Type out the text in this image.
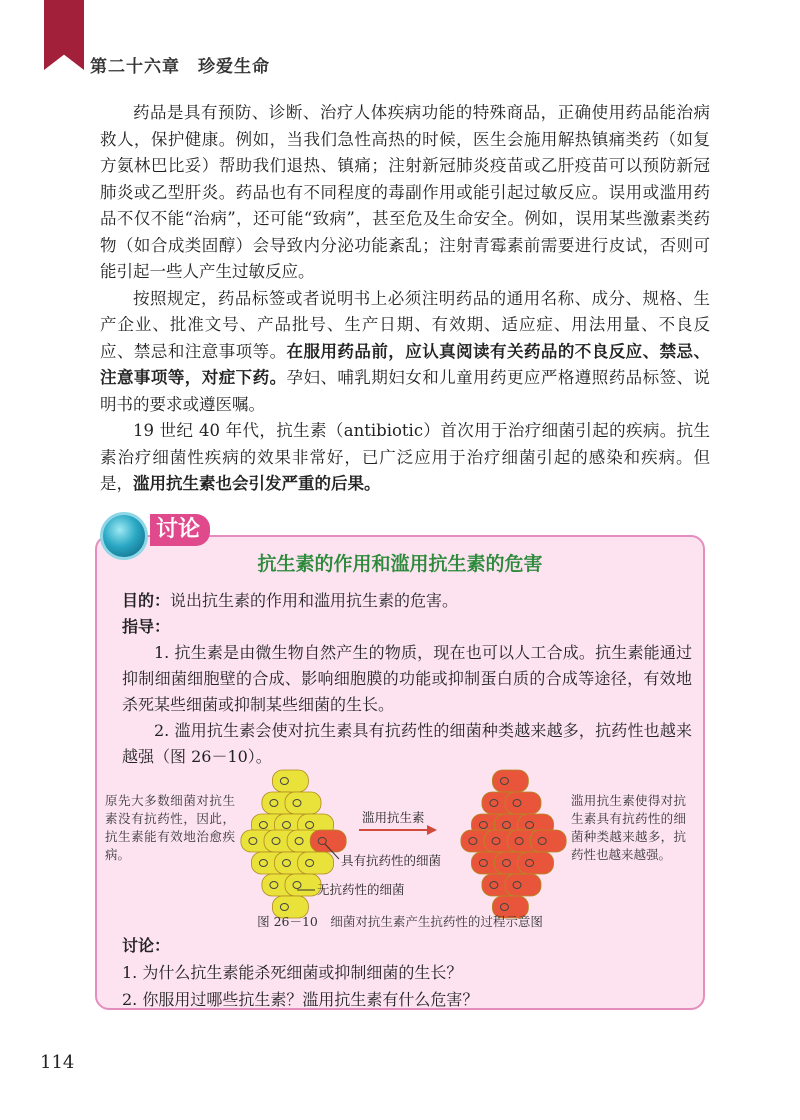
第二十六章　珍爱生命

药品是具有预防、诊断、治疗人体疾病功能的特殊商品，正确使用药品能治病救人，保护健康。例如，当我们急性高热的时候，医生会施用解热镇痛类药（如复方氨林巴比妥）帮助我们退热、镇痛；注射新冠肺炎疫苗或乙肝疫苗可以预防新冠肺炎或乙型肝炎。药品也有不同程度的毒副作用或能引起过敏反应。误用或滥用药品不仅不能“治病”，还可能“致病”，甚至危及生命安全。例如，误用某些激素类药物（如合成类固醇）会导致内分泌功能紊乱；注射青霉素前需要进行皮试，否则可能引起一些人产生过敏反应。

按照规定，药品标签或者说明书上必须注明药品的通用名称、成分、规格、生产企业、批准文号、产品批号、生产日期、有效期、适应症、用法用量、不良反应、禁忌和注意事项等。在服用药品前，应认真阅读有关药品的不良反应、禁忌、注意事项等，对症下药。孕妇、哺乳期妇女和儿童用药更应严格遵照药品标签、说明书的要求或遵医嘱。

19 世纪 40 年代，抗生素（antibiotic）首次用于治疗细菌引起的疾病。抗生素治疗细菌性疾病的效果非常好，已广泛应用于治疗细菌引起的感染和疾病。但是，滥用抗生素也会引发严重的后果。

讨论

抗生素的作用和滥用抗生素的危害

目的：说出抗生素的作用和滥用抗生素的危害。

指导：

1. 抗生素是由微生物自然产生的物质，现在也可以人工合成。抗生素能通过抑制细菌细胞壁的合成、影响细胞膜的功能或抑制蛋白质的合成等途径，有效地杀死某些细菌或抑制某些细菌的生长。

2. 滥用抗生素会使对抗生素具有抗药性的细菌种类越来越多，抗药性也越来越强（图 26－10）。

滥用抗生素
具有抗药性的细菌
无抗药性的细菌

原先大多数细菌对抗生素没有抗药性，因此，抗生素能有效地治愈疾病。

滥用抗生素使得对抗生素具有抗药性的细菌种类越来越多，抗药性也越来越强。

图 26－10　细菌对抗生素产生抗药性的过程示意图

讨论：

1. 为什么抗生素能杀死细菌或抑制细菌的生长？

2. 你服用过哪些抗生素？滥用抗生素有什么危害？

114
